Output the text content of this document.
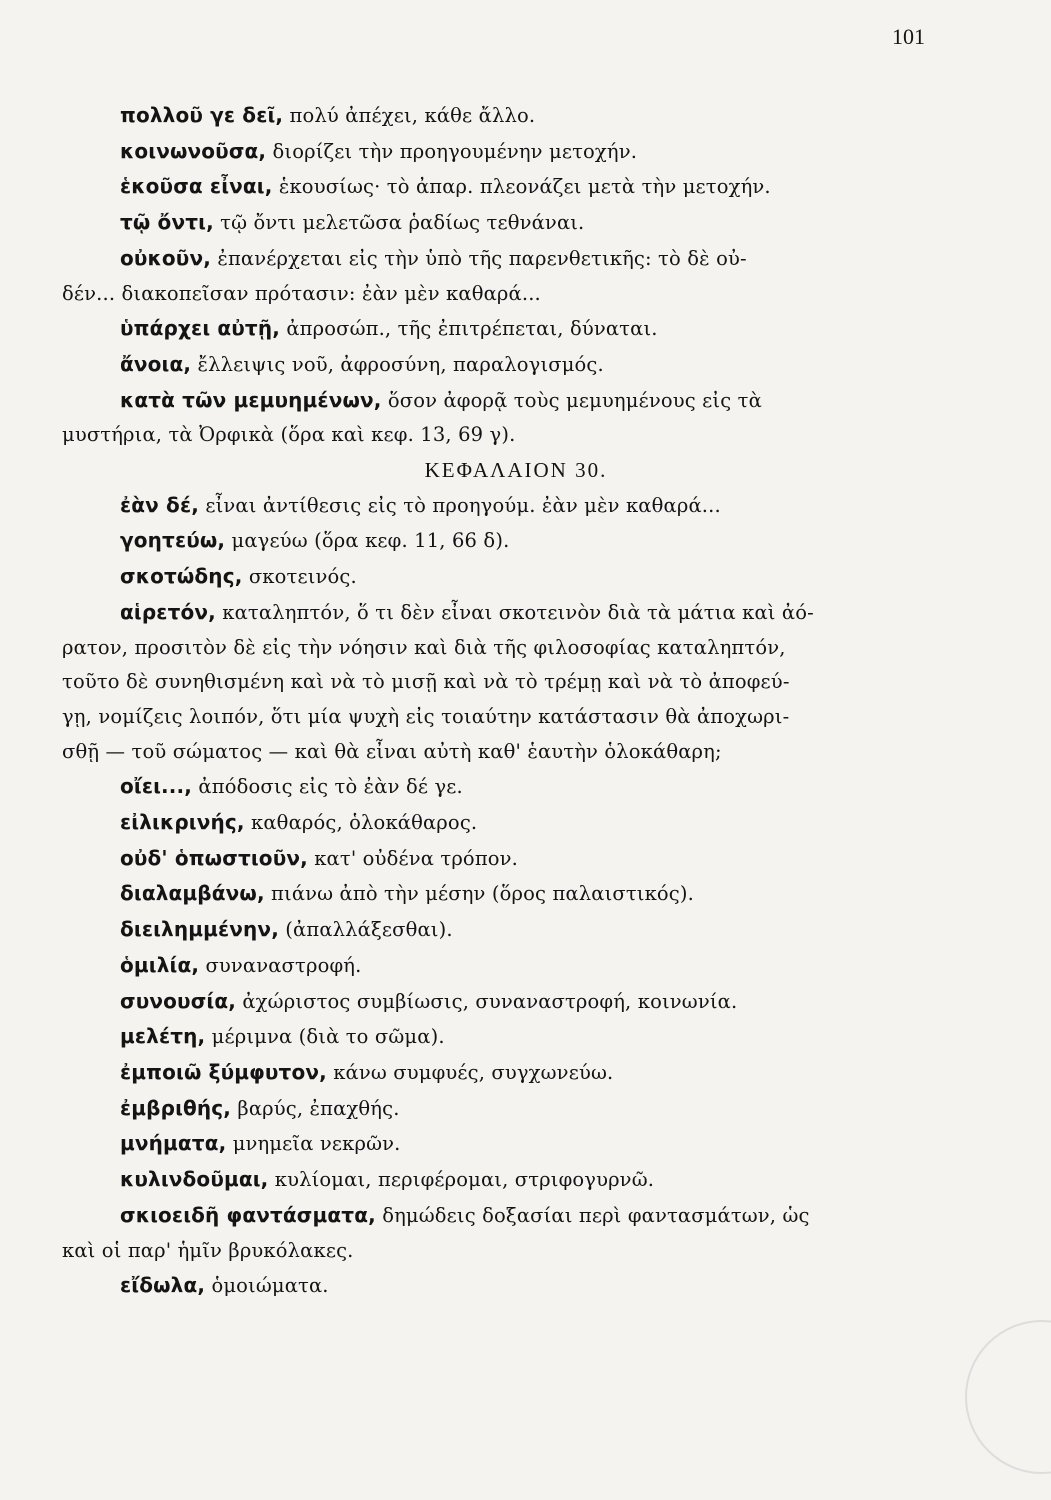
101
πολλοῦ γε δεῖ, πολύ ἀπέχει, κάθε ἄλλο.
κοινωνοῦσα, διορίζει τὴν προηγουμένην μετοχήν.
ἑκοῦσα εἶναι, ἑκουσίως· τὸ ἀπαρ. πλεονάζει μετὰ τὴν μετοχήν.
τῷ ὄντι, τῷ ὄντι μελετῶσα ῥαδίως τεθνάναι.
οὐκοῦν, ἐπανέρχεται εἰς τὴν ὑπὸ τῆς παρενθετικῆς: τὸ δὲ οὐ-
δέν... διακοπεῖσαν πρότασιν: ἐὰν μὲν καθαρά...
ὑπάρχει αὐτῇ, ἀπροσώπ., τῆς ἐπιτρέπεται, δύναται.
ἄνοια, ἔλλειψις νοῦ, ἀφροσύνη, παραλογισμός.
κατὰ τῶν μεμυημένων, ὅσον ἀφορᾷ τοὺς μεμυημένους εἰς τὰ
μυστήρια, τὰ Ὀρφικὰ (ὅρα καὶ κεφ. 13, 69 γ).
ΚΕΦΑΛΑΙΟΝ 30.
ἐὰν δέ, εἶναι ἀντίθεσις εἰς τὸ προηγούμ. ἐὰν μὲν καθαρά...
γοητεύω, μαγεύω (ὅρα κεφ. 11, 66 δ).
σκοτώδης, σκοτεινός.
αἱρετόν, καταληπτόν, ὅ τι δὲν εἶναι σκοτεινὸν διὰ τὰ μάτια καὶ ἀό-
ρατον, προσιτὸν δὲ εἰς τὴν νόησιν καὶ διὰ τῆς φιλοσοφίας καταληπτόν,
τοῦτο δὲ συνηθισμένη καὶ νὰ τὸ μισῇ καὶ νὰ τὸ τρέμῃ καὶ νὰ τὸ ἀποφεύ-
γῃ, νομίζεις λοιπόν, ὅτι μία ψυχὴ εἰς τοιαύτην κατάστασιν θὰ ἀποχωρι-
σθῇ — τοῦ σώματος — καὶ θὰ εἶναι αὐτὴ καθ' ἑαυτὴν ὁλοκάθαρη;
οἴει..., ἀπόδοσις εἰς τὸ ἐὰν δέ γε.
εἰλικρινής, καθαρός, ὁλοκάθαρος.
οὐδ' ὁπωστιοῦν, κατ' οὐδένα τρόπον.
διαλαμβάνω, πιάνω ἀπὸ τὴν μέσην (ὅρος παλαιστικός).
διειλημμένην, (ἀπαλλάξεσθαι).
ὁμιλία, συναναστροφή.
συνουσία, ἀχώριστος συμβίωσις, συναναστροφή, κοινωνία.
μελέτη, μέριμνα (διὰ το σῶμα).
ἐμποιῶ ξύμφυτον, κάνω συμφυές, συγχωνεύω.
ἐμβριθής, βαρύς, ἐπαχθής.
μνήματα, μνημεῖα νεκρῶν.
κυλινδοῦμαι, κυλίομαι, περιφέρομαι, στριφογυρνῶ.
σκιοειδῆ φαντάσματα, δημώδεις δοξασίαι περὶ φαντασμάτων, ὡς
καὶ οἱ παρ' ἡμῖν βρυκόλακες.
εἴδωλα, ὁμοιώματα.
